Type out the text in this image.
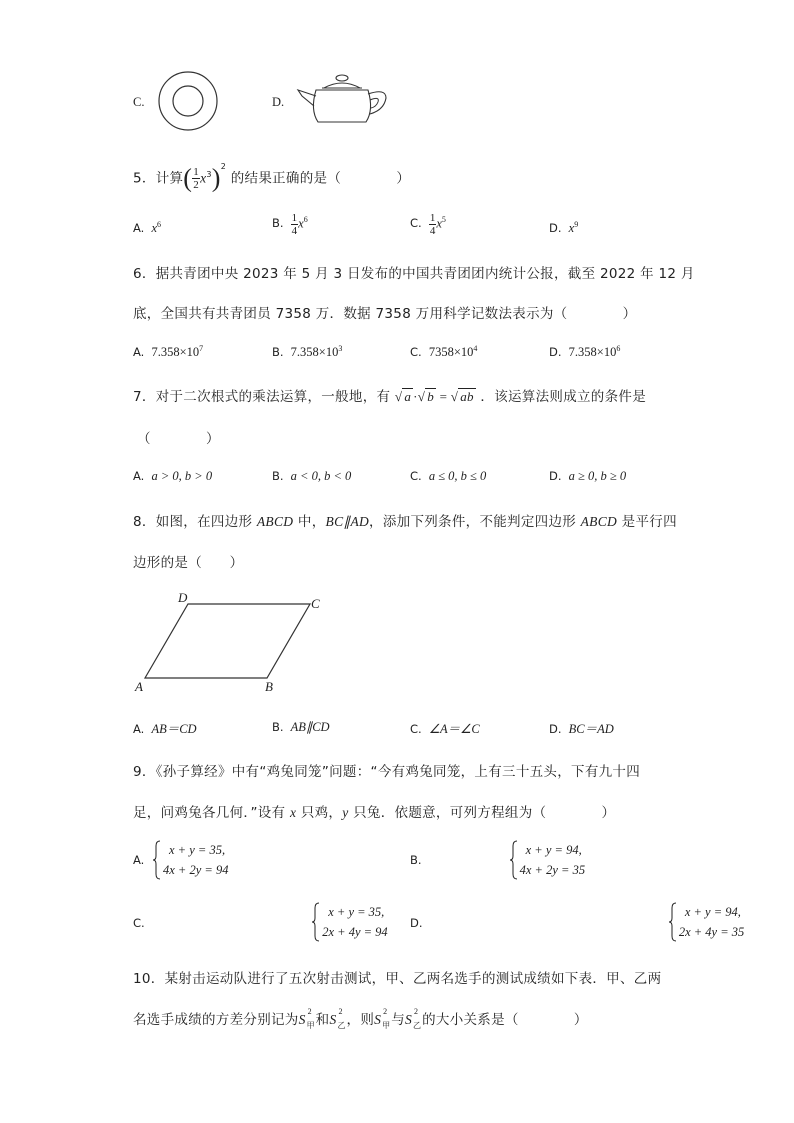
C.	D.
5．计算( $\frac{1}{2} x^3)^2$ 的结果正确的是（　　　　）
A. $x^6$	B. $\frac{1}{4} x^6$	C. $\frac{1}{4} x^5$
D. $x^9$
6．据共青团中央 2023 年 5 月 3 日发布的中国共青团团内统计公报，截至 2022 年 12 月
底，全国共有共青团员 7358 万．数据 7358 万用科学记数法表示为（　　　　）
A. $7.358\times 10^7$	B. $7.358\times 10^3$	C. $7358\times 10^4$	D. $7.358\times 10^6$
7．对于二次根式的乘法运算，一般地，有 √ a ·√ b = √ ab ．该运算法则成立的条件是
（　　　　）
A. a > 0, b > 0	B. a < 0, b < 0	C. a ≤ 0, b ≤ 0	D. a ≥ 0, b ≥ 0
8．如图，在四边形 ABCD 中，BC∥AD，添加下列条件，不能判定四边形 ABCD 是平行四
边形的是（　　）
A	B
C
D
A. AB＝CD	B. AB∥CD	C. ∠A＝∠C	D. BC＝AD
9．《孙子算经》中有“鸡兔同笼”问题：“今有鸡兔同笼，上有三十五头，下有九十四
足，问鸡兔各几何．”设有 x 只鸡，y 只兔．依题意，可列方程组为（　　　　）
A.
x + y = 35,
4x + 2y = 94

B.
x + y = 94,
4x + 2y = 35

C.
x + y = 35,
2x + 4y = 94

D.
x + y = 94,
2x + 4y = 35
10．某射击运动队进行了五次射击测试，甲、乙两名选手的测试成绩如下表．甲、乙两
名选手成绩的方差分别记为S
2
甲 和S
2
乙 ，则S
2
甲 与S
2
乙 的大小关系是（　　　　）
